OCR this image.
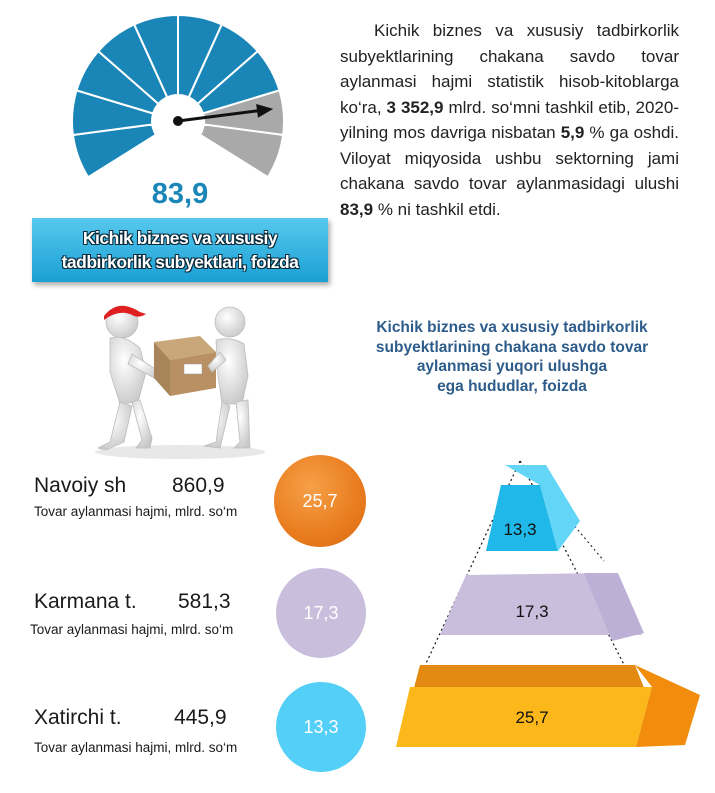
83,9
Kichik biznes va xususiy
tadbirkorlik subyektlari, foizda
Kichik biznes va xususiy tadbirkorlik subyektlarining chakana savdo tovar aylanmasi hajmi statistik hisob-kitoblarga ko‘ra, 3 352,9 mlrd. so‘mni tashkil etib, 2020- yilning mos davriga nisbatan 5,9 % ga oshdi. Viloyat miqyosida ushbu sektorning jami chakana savdo tovar aylanmasidagi ulushi 83,9 % ni tashkil etdi.
Kichik biznes va xususiy tadbirkorlik
subyektlarining chakana savdo tovar
aylanmasi yuqori ulushga
ega hududlar, foizda
Navoiy sh 860,9
Tovar aylanmasi hajmi, mlrd. so‘m
25,7
Karmana t. 581,3
Tovar aylanmasi hajmi, mlrd. so‘m
17,3
Xatirchi t. 445,9
Tovar aylanmasi hajmi, mlrd. so‘m
13,3	25,7
17,3
13,3
